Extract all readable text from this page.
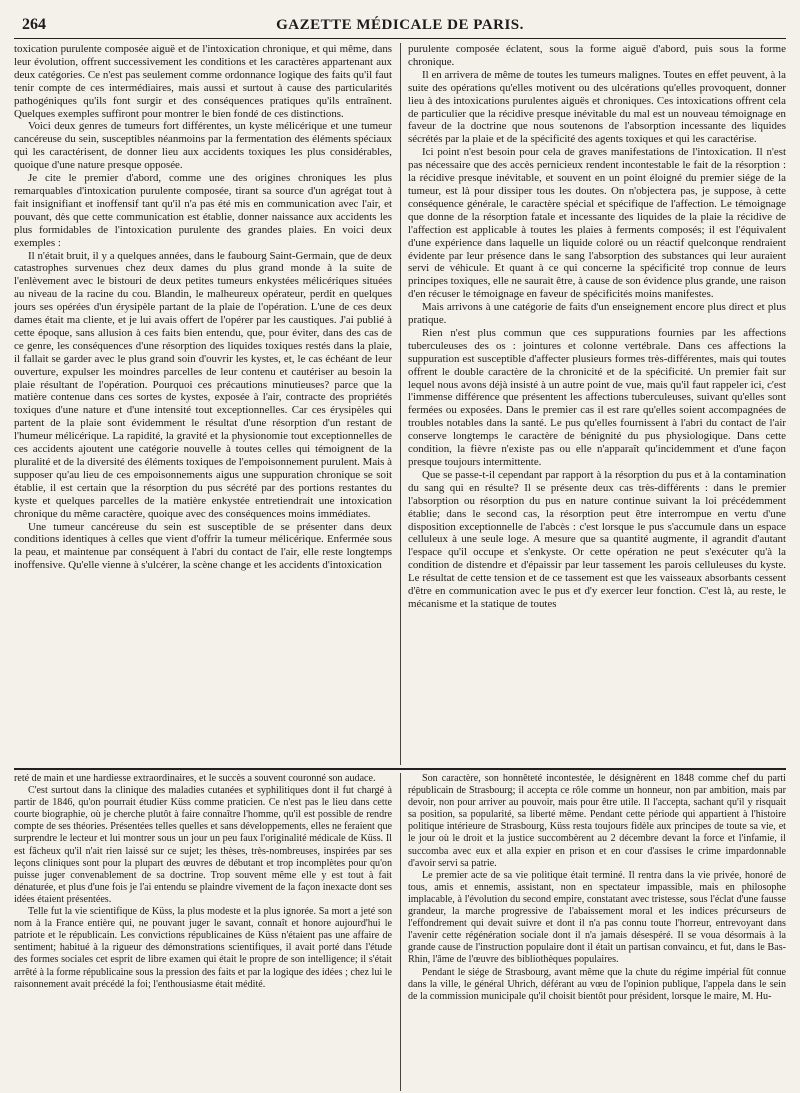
264	GAZETTE MÉDICALE DE PARIS.

toxication purulente composée aiguë et de l'intoxication chronique, et qui même, dans leur évolution, offrent successivement les conditions et les caractères appartenant aux deux catégories. Ce n'est pas seulement comme ordonnance logique des faits qu'il faut tenir compte de ces intermédiaires, mais aussi et surtout à cause des particularités pathogéniques qu'ils font surgir et des conséquences pratiques qu'ils entraînent. Quelques exemples suffiront pour montrer le bien fondé de ces distinctions.

Voici deux genres de tumeurs fort différentes, un kyste mélicérique et une tumeur cancéreuse du sein, susceptibles néanmoins par la fermentation des éléments spéciaux qui les caractérisent, de donner lieu aux accidents toxiques les plus considérables, quoique d'une nature presque opposée.

Je cite le premier d'abord, comme une des origines chroniques les plus remarquables d'intoxication purulente composée, tirant sa source d'un agrégat tout à fait insignifiant et inoffensif tant qu'il n'a pas été mis en communication avec l'air, et pouvant, dès que cette communication est établie, donner naissance aux accidents les plus formidables de l'intoxication purulente des grandes plaies. En voici deux exemples :

Il n'était bruit, il y a quelques années, dans le faubourg Saint-Germain, que de deux catastrophes survenues chez deux dames du plus grand monde à la suite de l'enlèvement avec le bistouri de deux petites tumeurs enkystées mélicériques situées au niveau de la racine du cou. Blandin, le malheureux opérateur, perdit en quelques jours ses opérées d'un érysipèle partant de la plaie de l'opération. L'une de ces deux dames était ma cliente, et je lui avais offert de l'opérer par les caustiques. J'ai publié à cette époque, sans allusion à ces faits bien entendu, que, pour éviter, dans des cas de ce genre, les conséquences d'une résorption des liquides toxiques restés dans la plaie, il fallait se garder avec le plus grand soin d'ouvrir les kystes, et, le cas échéant de leur ouverture, expulser les moindres parcelles de leur contenu et cautériser au besoin la plaie résultant de l'opération. Pourquoi ces précautions minutieuses? parce que la matière contenue dans ces sortes de kystes, exposée à l'air, contracte des propriétés toxiques d'une nature et d'une intensité tout exceptionnelles. Car ces érysipèles qui partent de la plaie sont évidemment le résultat d'une résorption d'un restant de l'humeur mélicérique. La rapidité, la gravité et la physionomie tout exceptionnelles de ces accidents ajoutent une catégorie nouvelle à toutes celles qui témoignent de la pluralité et de la diversité des éléments toxiques de l'empoisonnement purulent. Mais à supposer qu'au lieu de ces empoisonnements aigus une suppuration chronique se soit établie, il est certain que la résorption du pus sécrété par des portions restantes du kyste et quelques parcelles de la matière enkystée entretiendrait une intoxication chronique du même caractère, quoique avec des conséquences moins immédiates.

Une tumeur cancéreuse du sein est susceptible de se présenter dans deux conditions identiques à celles que vient d'offrir la tumeur mélicérique. Enfermée sous la peau, et maintenue par conséquent à l'abri du contact de l'air, elle reste longtemps inoffensive. Qu'elle vienne à s'ulcérer, la scène change et les accidents d'intoxication

purulente composée éclatent, sous la forme aiguë d'abord, puis sous la forme chronique.

Il en arrivera de même de toutes les tumeurs malignes. Toutes en effet peuvent, à la suite des opérations qu'elles motivent ou des ulcérations qu'elles provoquent, donner lieu à des intoxications purulentes aiguës et chroniques. Ces intoxications offrent cela de particulier que la récidive presque inévitable du mal est un nouveau témoignage en faveur de la doctrine que nous soutenons de l'absorption incessante des liquides sécrétés par la plaie et de la spécificité des agents toxiques et qui les caractérise.

Ici point n'est besoin pour cela de graves manifestations de l'intoxication. Il n'est pas nécessaire que des accès pernicieux rendent incontestable le fait de la résorption : la récidive presque inévitable, et souvent en un point éloigné du premier siége de la tumeur, est là pour dissiper tous les doutes. On n'objectera pas, je suppose, à cette conséquence générale, le caractère spécial et spécifique de l'affection. Le témoignage que donne de la résorption fatale et incessante des liquides de la plaie la récidive de l'affection est applicable à toutes les plaies à ferments composés; il est l'équivalent d'une expérience dans laquelle un liquide coloré ou un réactif quelconque rendraient évidente par leur présence dans le sang l'absorption des substances qui leur auraient servi de véhicule. Et quant à ce qui concerne la spécificité trop connue de leurs principes toxiques, elle ne saurait être, à cause de son évidence plus grande, une raison d'en récuser le témoignage en faveur de spécificités moins manifestes.

Mais arrivons à une catégorie de faits d'un enseignement encore plus direct et plus pratique.

Rien n'est plus commun que ces suppurations fournies par les affections tuberculeuses des os : jointures et colonne vertébrale. Dans ces affections la suppuration est susceptible d'affecter plusieurs formes très-différentes, mais qui toutes offrent le double caractère de la chronicité et de la spécificité. Un premier fait sur lequel nous avons déjà insisté à un autre point de vue, mais qu'il faut rappeler ici, c'est l'immense différence que présentent les affections tuberculeuses, suivant qu'elles sont fermées ou exposées. Dans le premier cas il est rare qu'elles soient accompagnées de troubles notables dans la santé. Le pus qu'elles fournissent à l'abri du contact de l'air conserve longtemps le caractère de bénignité du pus physiologique. Dans cette condition, la fièvre n'existe pas ou elle n'apparaît qu'incidemment et d'une façon presque toujours intermittente.

Que se passe-t-il cependant par rapport à la résorption du pus et à la contamination du sang qui en résulte? Il se présente deux cas très-différents : dans le premier l'absorption ou résorption du pus en nature continue suivant la loi précédemment établie; dans le second cas, la résorption peut être interrompue en vertu d'une disposition exceptionnelle de l'abcès : c'est lorsque le pus s'accumule dans un espace celluleux à une seule loge. A mesure que sa quantité augmente, il agrandit d'autant l'espace qu'il occupe et s'enkyste. Or cette opération ne peut s'exécuter qu'à la condition de distendre et d'épaissir par leur tassement les parois celluleuses du kyste. Le résultat de cette tension et de ce tassement est que les vaisseaux absorbants cessent d'être en communication avec le pus et d'y exercer leur fonction. C'est là, au reste, le mécanisme et la statique de toutes

reté de main et une hardiesse extraordinaires, et le succès a souvent couronné son audace.

C'est surtout dans la clinique des maladies cutanées et syphilitiques dont il fut chargé à partir de 1846, qu'on pourrait étudier Küss comme praticien. Ce n'est pas le lieu dans cette courte biographie, où je cherche plutôt à faire connaître l'homme, qu'il est possible de rendre compte de ses théories. Présentées telles quelles et sans développements, elles ne feraient que surprendre le lecteur et lui montrer sous un jour un peu faux l'originalité médicale de Küss. Il est fâcheux qu'il n'ait rien laissé sur ce sujet; les thèses, très-nombreuses, inspirées par ses leçons cliniques sont pour la plupart des œuvres de débutant et trop incomplètes pour qu'on puisse juger convenablement de sa doctrine. Trop souvent même elle y est tout à fait dénaturée, et plus d'une fois je l'ai entendu se plaindre vivement de la façon inexacte dont ses idées étaient présentées.

Telle fut la vie scientifique de Küss, la plus modeste et la plus ignorée. Sa mort a jeté son nom à la France entière qui, ne pouvant juger le savant, connaît et honore aujourd'hui le patriote et le républicain. Les convictions républicaines de Küss n'étaient pas une affaire de sentiment; habitué à la rigueur des démonstrations scientifiques, il avait porté dans l'étude des formes sociales cet esprit de libre examen qui était le propre de son intelligence; il s'était arrêté à la forme républicaine sous la pression des faits et par la logique des idées ; chez lui le raisonnement avait précédé la foi; l'enthousiasme était médité.

Son caractère, son honnêteté incontestée, le désignèrent en 1848 comme chef du parti républicain de Strasbourg; il accepta ce rôle comme un honneur, non par ambition, mais par devoir, non pour arriver au pouvoir, mais pour être utile. Il l'accepta, sachant qu'il y risquait sa position, sa popularité, sa liberté même. Pendant cette période qui appartient à l'histoire politique intérieure de Strasbourg, Küss resta toujours fidèle aux principes de toute sa vie, et le jour où le droit et la justice succombèrent au 2 décembre devant la force et l'infamie, il succomba avec eux et alla expier en prison et en cour d'assises le crime impardonnable d'avoir servi sa patrie.

Le premier acte de sa vie politique était terminé. Il rentra dans la vie privée, honoré de tous, amis et ennemis, assistant, non en spectateur impassible, mais en philosophe implacable, à l'évolution du second empire, constatant avec tristesse, sous l'éclat d'une fausse grandeur, la marche progressive de l'abaissement moral et les indices précurseurs de l'effondrement qui devait suivre et dont il n'a pas connu toute l'horreur, entrevoyant dans l'avenir cette régénération sociale dont il n'a jamais désespéré. Il se voua désormais à la grande cause de l'instruction populaire dont il était un partisan convaincu, et fut, dans le Bas-Rhin, l'âme de l'œuvre des bibliothèques populaires.

Pendant le siége de Strasbourg, avant même que la chute du régime impérial fût connue dans la ville, le général Uhrich, déférant au vœu de l'opinion publique, l'appela dans le sein de la commission municipale qu'il choisit bientôt pour président, lorsque le maire, M. Hu-
